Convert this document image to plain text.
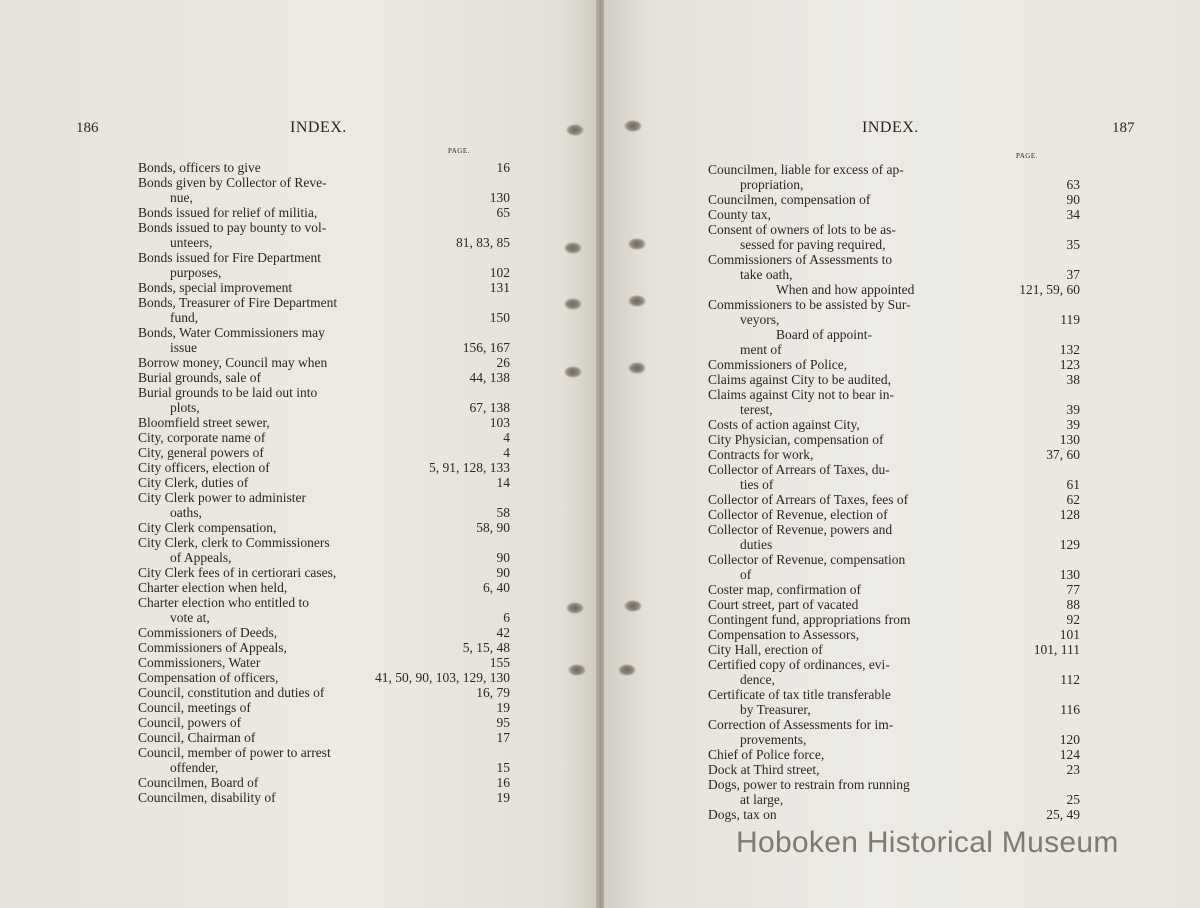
186	INDEX.
PAGE.
Bonds, officers to give	16
Bonds given by Collector of Reve-
nue,	130
Bonds issued for relief of militia,	65
Bonds issued to pay bounty to vol-
unteers,	81, 83, 85
Bonds issued for Fire Department
purposes,	102
Bonds, special improvement	131
Bonds, Treasurer of Fire Department
fund,	150
Bonds, Water Commissioners may
issue	156, 167
Borrow money, Council may when	26
Burial grounds, sale of	44, 138
Burial grounds to be laid out into
plots,	67, 138
Bloomfield street sewer,	103
City, corporate name of	4
City, general powers of	4
City officers, election of	5, 91, 128, 133
City Clerk, duties of	14
City Clerk power to administer
oaths,	58
City Clerk compensation,	58, 90
City Clerk, clerk to Commissioners
of Appeals,	90
City Clerk fees of in certiorari cases,	90
Charter election when held,	6, 40
Charter election who entitled to
vote at,	6
Commissioners of Deeds,	42
Commissioners of Appeals,	5, 15, 48
Commissioners, Water	155
Compensation of officers,	41, 50, 90, 103, 129, 130
Council, constitution and duties of	16, 79
Council, meetings of	19
Council, powers of	95
Council, Chairman of	17
Council, member of power to arrest
offender,	15
Councilmen, Board of	16
Councilmen, disability of	19
187
INDEX.
PAGE.
Councilmen, liable for excess of ap-
propriation,	63
Councilmen, compensation of	90
County tax,	34
Consent of owners of lots to be as-
sessed for paving required,	35
Commissioners of Assessments to
take oath,	37
When and how appointed	121, 59, 60
Commissioners to be assisted by Sur-
veyors,	119
Board of appoint-
ment of	132
Commissioners of Police,	123
Claims against City to be audited,	38
Claims against City not to bear in-
terest,	39
Costs of action against City,	39
City Physician, compensation of	130
Contracts for work,	37, 60
Collector of Arrears of Taxes, du-
ties of	61
Collector of Arrears of Taxes, fees of	62
Collector of Revenue, election of	128
Collector of Revenue, powers and
duties	129
Collector of Revenue, compensation
of	130
Coster map, confirmation of	77
Court street, part of vacated	88
Contingent fund, appropriations from	92
Compensation to Assessors,	101
City Hall, erection of	101, 111
Certified copy of ordinances, evi-
dence,	112
Certificate of tax title transferable
by Treasurer,	116
Correction of Assessments for im-
provements,	120
Chief of Police force,	124
Dock at Third street,	23
Dogs, power to restrain from running
at large,	25
Dogs, tax on	25, 49
Hoboken Historical Museum
